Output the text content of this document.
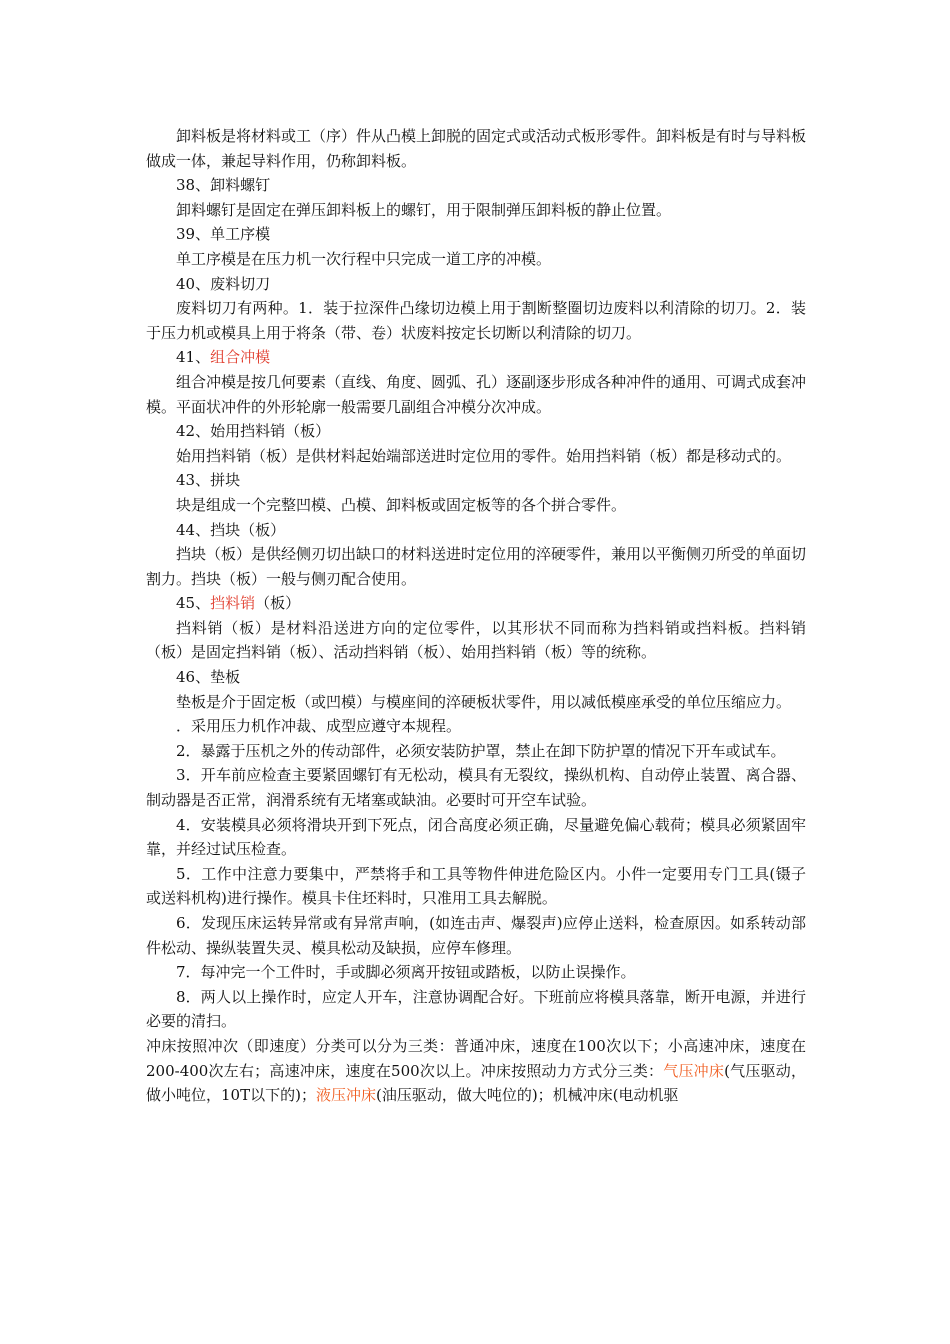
卸料板是将材料或工（序）件从凸模上卸脱的固定式或活动式板形零件。卸料板是有时与导料板做成一体，兼起导料作用，仍称卸料板。

38、卸料螺钉

卸料螺钉是固定在弹压卸料板上的螺钉，用于限制弹压卸料板的静止位置。

39、单工序模

单工序模是在压力机一次行程中只完成一道工序的冲模。

40、废料切刀

废料切刀有两种。1．装于拉深件凸缘切边模上用于割断整圈切边废料以利清除的切刀。2．装于压力机或模具上用于将条（带、卷）状废料按定长切断以利清除的切刀。

41、组合冲模

组合冲模是按几何要素（直线、角度、圆弧、孔）逐副逐步形成各种冲件的通用、可调式成套冲模。平面状冲件的外形轮廓一般需要几副组合冲模分次冲成。

42、始用挡料销（板）

始用挡料销（板）是供材料起始端部送进时定位用的零件。始用挡料销（板）都是移动式的。

43、拼块

块是组成一个完整凹模、凸模、卸料板或固定板等的各个拼合零件。

44、挡块（板）

挡块（板）是供经侧刃切出缺口的材料送进时定位用的淬硬零件，兼用以平衡侧刃所受的单面切割力。挡块（板）一般与侧刃配合使用。

45、挡料销（板）

挡料销（板）是材料沿送进方向的定位零件，以其形状不同而称为挡料销或挡料板。挡料销（板）是固定挡料销（板）、活动挡料销（板）、始用挡料销（板）等的统称。

46、垫板

垫板是介于固定板（或凹模）与模座间的淬硬板状零件，用以减低模座承受的单位压缩应力。

．采用压力机作冲裁、成型应遵守本规程。

2．暴露于压机之外的传动部件，必须安装防护罩，禁止在卸下防护罩的情况下开车或试车。

3．开车前应检查主要紧固螺钉有无松动，模具有无裂纹，操纵机构、自动停止装置、离合器、制动器是否正常，润滑系统有无堵塞或缺油。必要时可开空车试验。

4．安装模具必须将滑块开到下死点，闭合高度必须正确，尽量避免偏心载荷；模具必须紧固牢靠，并经过试压检查。

5．工作中注意力要集中，严禁将手和工具等物件伸进危险区内。小件一定要用专门工具(镊子或送料机构)进行操作。模具卡住坯料时，只准用工具去解脱。

6．发现压床运转异常或有异常声响，(如连击声、爆裂声)应停止送料，检查原因。如系转动部件松动、操纵装置失灵、模具松动及缺损，应停车修理。

7．每冲完一个工件时，手或脚必须离开按钮或踏板，以防止误操作。

8．两人以上操作时，应定人开车，注意协调配合好。下班前应将模具落靠，断开电源，并进行必要的清扫。

冲床按照冲次（即速度）分类可以分为三类：普通冲床，速度在100次以下；小高速冲床，速度在200-400次左右；高速冲床，速度在500次以上。冲床按照动力方式分三类：气压冲床(气压驱动，做小吨位，10T以下的)；液压冲床(油压驱动，做大吨位的)；机械冲床(电动机驱
